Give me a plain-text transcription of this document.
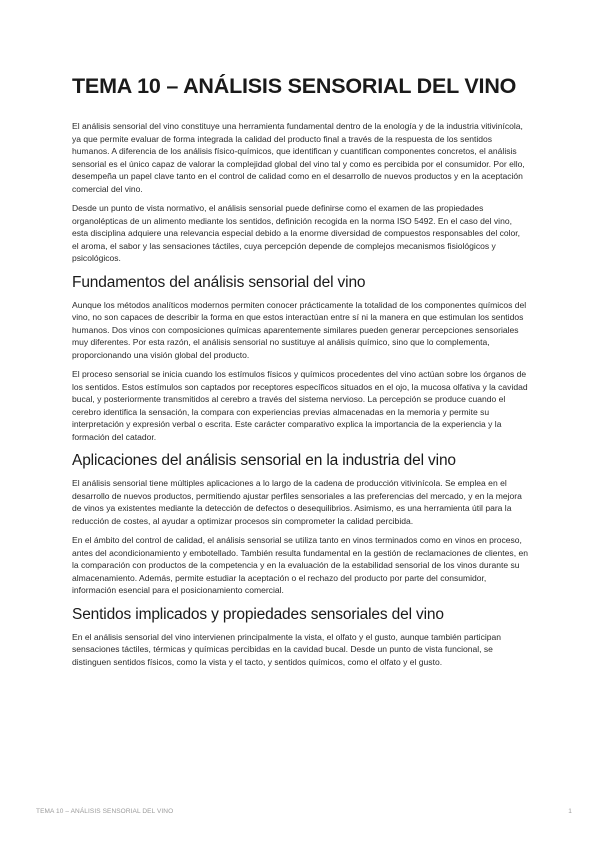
TEMA 10 – ANÁLISIS SENSORIAL DEL VINO

El análisis sensorial del vino constituye una herramienta fundamental dentro de la enología y de la industria vitivinícola, ya que permite evaluar de forma integrada la calidad del producto final a través de la respuesta de los sentidos humanos. A diferencia de los análisis físico-químicos, que identifican y cuantifican componentes concretos, el análisis sensorial es el único capaz de valorar la complejidad global del vino tal y como es percibida por el consumidor. Por ello, desempeña un papel clave tanto en el control de calidad como en el desarrollo de nuevos productos y en la aceptación comercial del vino.

Desde un punto de vista normativo, el análisis sensorial puede definirse como el examen de las propiedades organolépticas de un alimento mediante los sentidos, definición recogida en la norma ISO 5492. En el caso del vino, esta disciplina adquiere una relevancia especial debido a la enorme diversidad de compuestos responsables del color, el aroma, el sabor y las sensaciones táctiles, cuya percepción depende de complejos mecanismos fisiológicos y psicológicos.

Fundamentos del análisis sensorial del vino

Aunque los métodos analíticos modernos permiten conocer prácticamente la totalidad de los componentes químicos del vino, no son capaces de describir la forma en que estos interactúan entre sí ni la manera en que estimulan los sentidos humanos. Dos vinos con composiciones químicas aparentemente similares pueden generar percepciones sensoriales muy diferentes. Por esta razón, el análisis sensorial no sustituye al análisis químico, sino que lo complementa, proporcionando una visión global del producto.

El proceso sensorial se inicia cuando los estímulos físicos y químicos procedentes del vino actúan sobre los órganos de los sentidos. Estos estímulos son captados por receptores específicos situados en el ojo, la mucosa olfativa y la cavidad bucal, y posteriormente transmitidos al cerebro a través del sistema nervioso. La percepción se produce cuando el cerebro identifica la sensación, la compara con experiencias previas almacenadas en la memoria y permite su interpretación y expresión verbal o escrita. Este carácter comparativo explica la importancia de la experiencia y la formación del catador.

Aplicaciones del análisis sensorial en la industria del vino

El análisis sensorial tiene múltiples aplicaciones a lo largo de la cadena de producción vitivinícola. Se emplea en el desarrollo de nuevos productos, permitiendo ajustar perfiles sensoriales a las preferencias del mercado, y en la mejora de vinos ya existentes mediante la detección de defectos o desequilibrios. Asimismo, es una herramienta útil para la reducción de costes, al ayudar a optimizar procesos sin comprometer la calidad percibida.

En el ámbito del control de calidad, el análisis sensorial se utiliza tanto en vinos terminados como en vinos en proceso, antes del acondicionamiento y embotellado. También resulta fundamental en la gestión de reclamaciones de clientes, en la comparación con productos de la competencia y en la evaluación de la estabilidad sensorial de los vinos durante su almacenamiento. Además, permite estudiar la aceptación o el rechazo del producto por parte del consumidor, información esencial para el posicionamiento comercial.

Sentidos implicados y propiedades sensoriales del vino

En el análisis sensorial del vino intervienen principalmente la vista, el olfato y el gusto, aunque también participan sensaciones táctiles, térmicas y químicas percibidas en la cavidad bucal. Desde un punto de vista funcional, se distinguen sentidos físicos, como la vista y el tacto, y sentidos químicos, como el olfato y el gusto.

TEMA 10 – ANÁLISIS SENSORIAL DEL VINO	1
